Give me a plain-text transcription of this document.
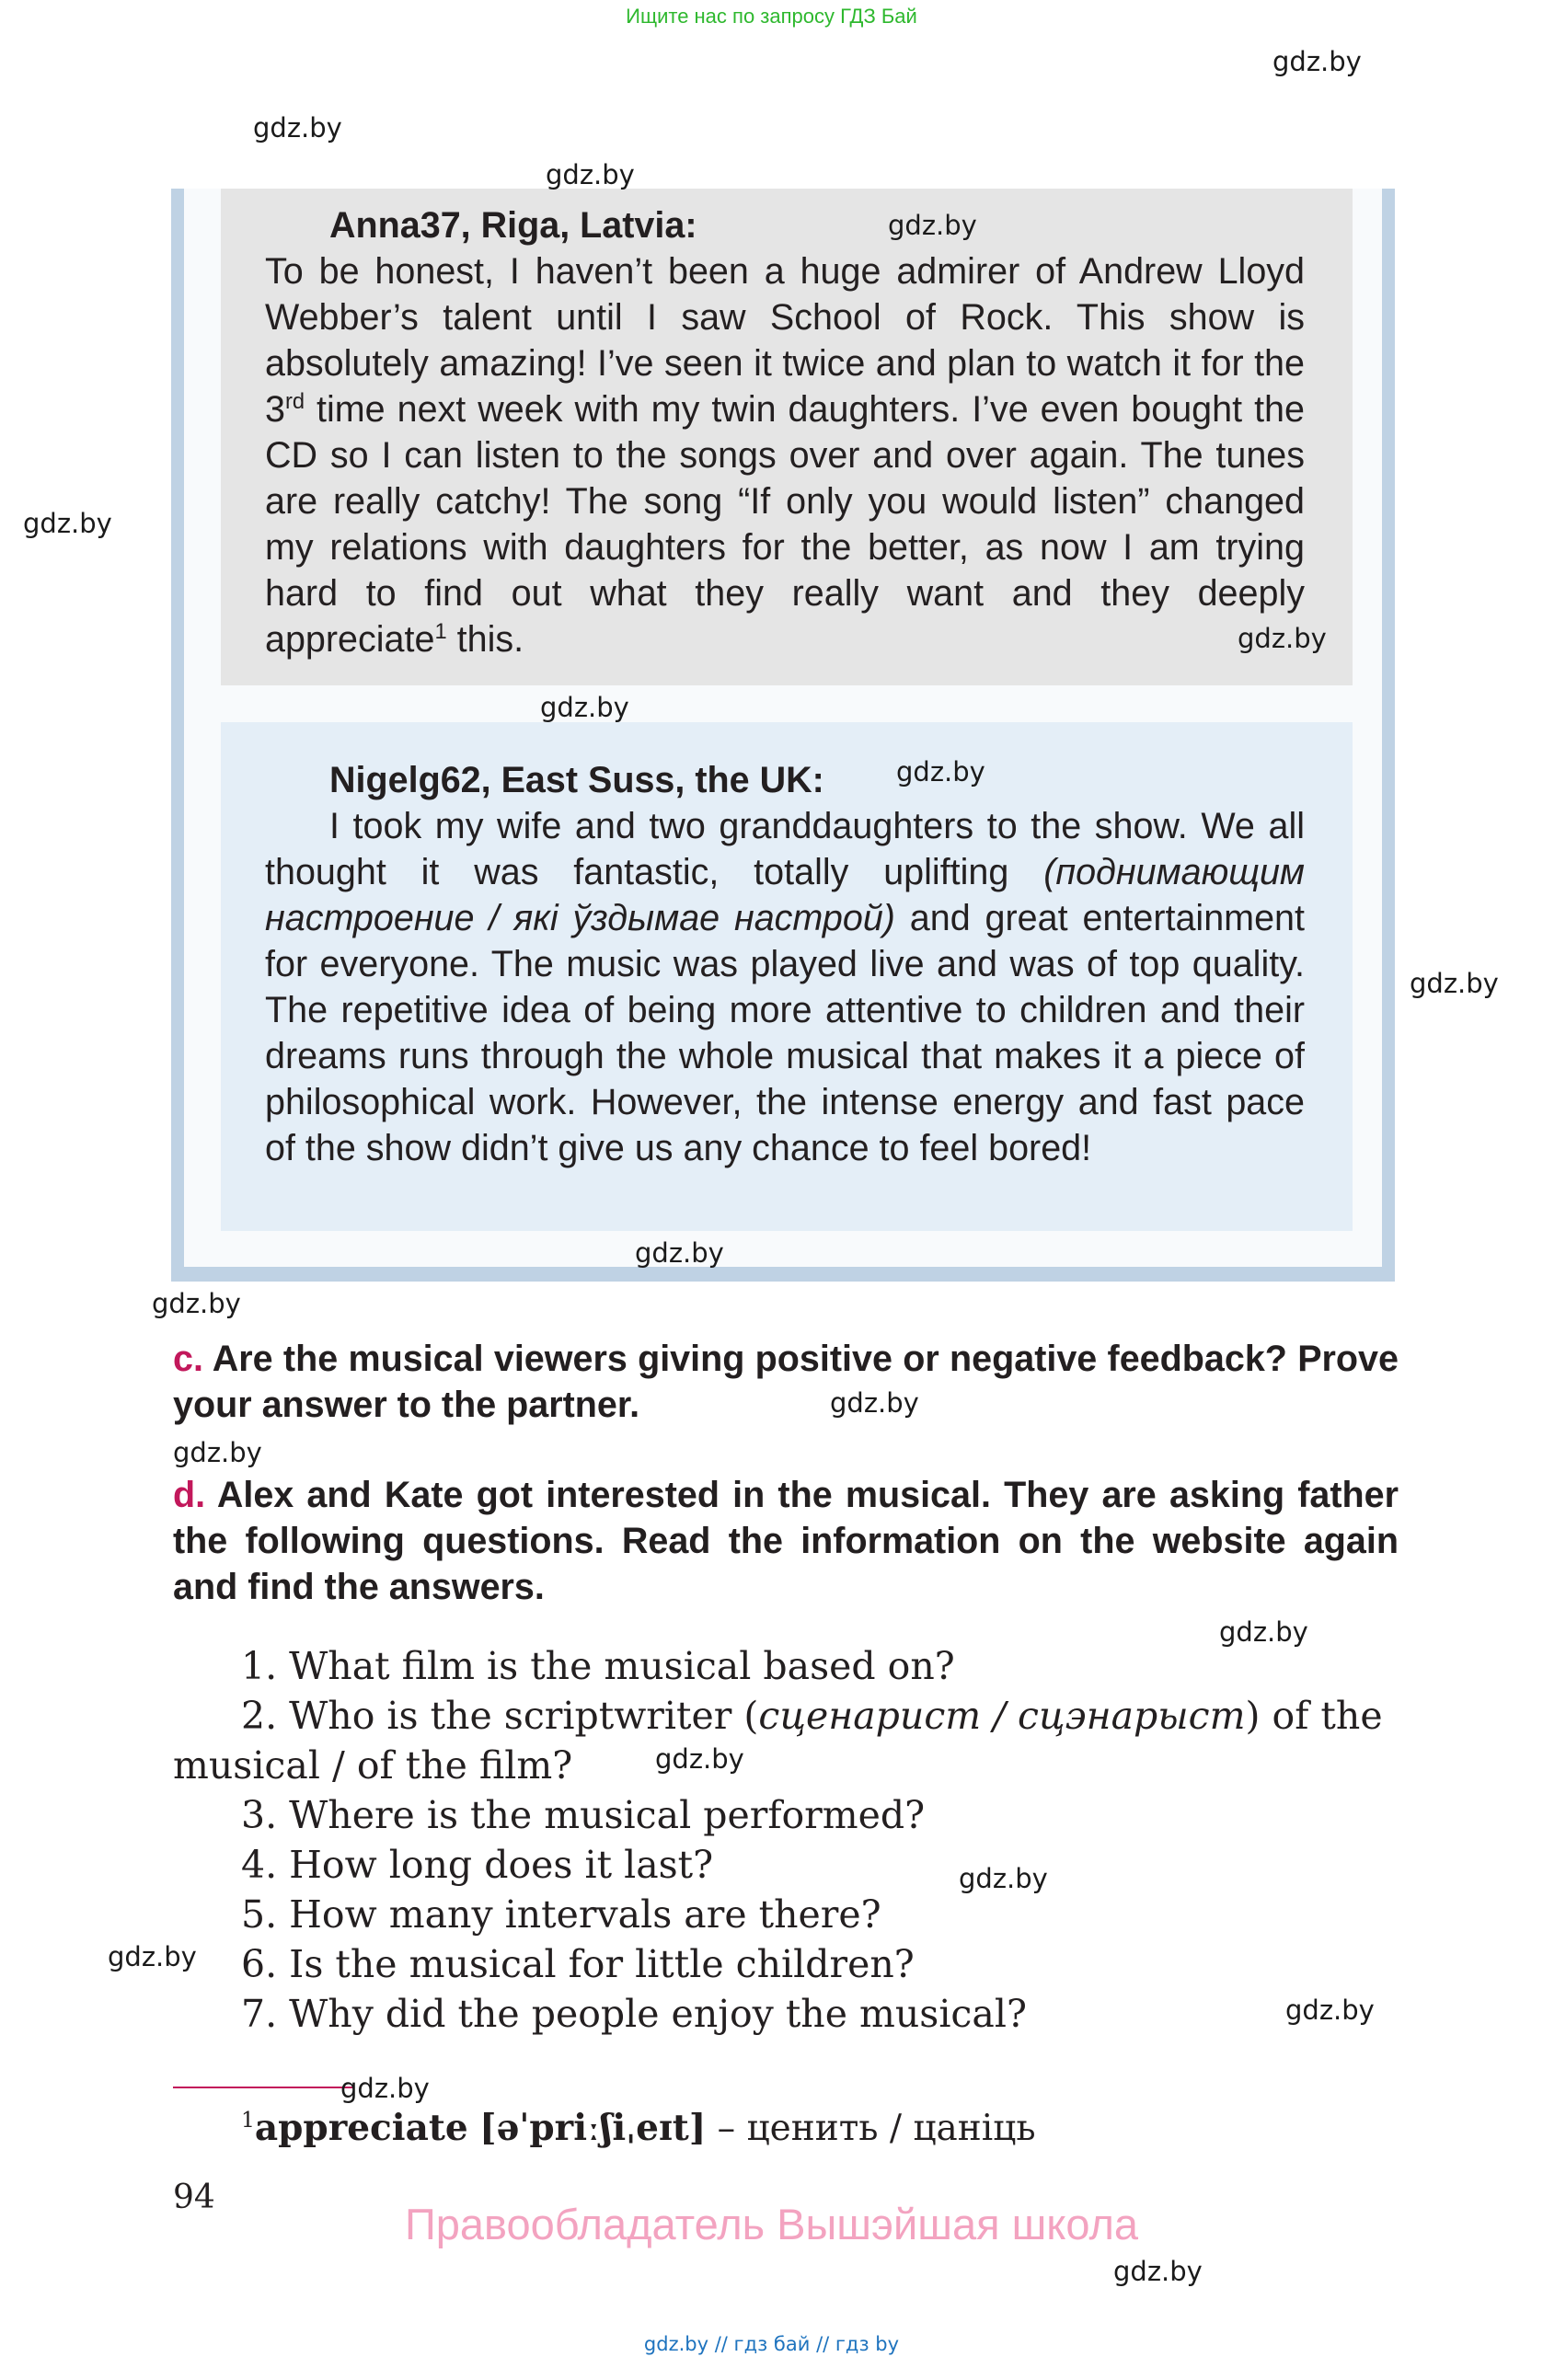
Ищите нас по запросу ГДЗ Бай
Anna37, Riga, Latvia:

To be honest, I haven’t been a huge admirer of Andrew Lloyd Webber’s talent until I saw School of Rock. This show is absolutely amazing! I’ve seen it twice and plan to watch it for the 3rd time next week with my twin daughters. I’ve even bought the CD so I can listen to the songs over and over again. The tunes are really catchy! The song “If only you would listen” changed my relations with daughters for the better, as now I am trying hard to find out what they really want and they deeply appreciate$^1$ this.

Nigelg62, East Suss, the UK:

I took my wife and two granddaughters to the show. We all thought it was fantastic, totally uplifting (поднимающим настроение / які ўздымае настрой) and great entertainment for everyone. The music was played live and was of top quality. The repetitive idea of being more attentive to children and their dreams runs through the whole musical that makes it a piece of philosophical work. However, the intense energy and fast pace of the show didn’t give us any chance to feel bored!

c. Are the musical viewers giving positive or negative feedback? Prove your answer to the partner.
d. Alex and Kate got interested in the musical. They are asking father the following questions. Read the information on the website again and find the answers.
1. What film is the musical based on?
2. Who is the scriptwriter (сценарист / сцэнарыст) of the
musical / of the film?
3. Where is the musical performed?
4. How long does it last?
5. How many intervals are there?
6. Is the musical for little children?
7. Why did the people enjoy the musical?
$^1$appreciate [əˈpriːʃiˌeɪt] – ценить / цаніць
94
Правообладатель Вышэйшая школа
gdz.by
gdz.by
gdz.by
gdz.by
gdz.by
gdz.by
gdz.by
gdz.by
gdz.by
gdz.by
gdz.by
gdz.by
gdz.by
gdz.by
gdz.by
gdz.by
gdz.by
gdz.by
gdz.by
gdz.by
gdz.by // гдз бай // гдз by
